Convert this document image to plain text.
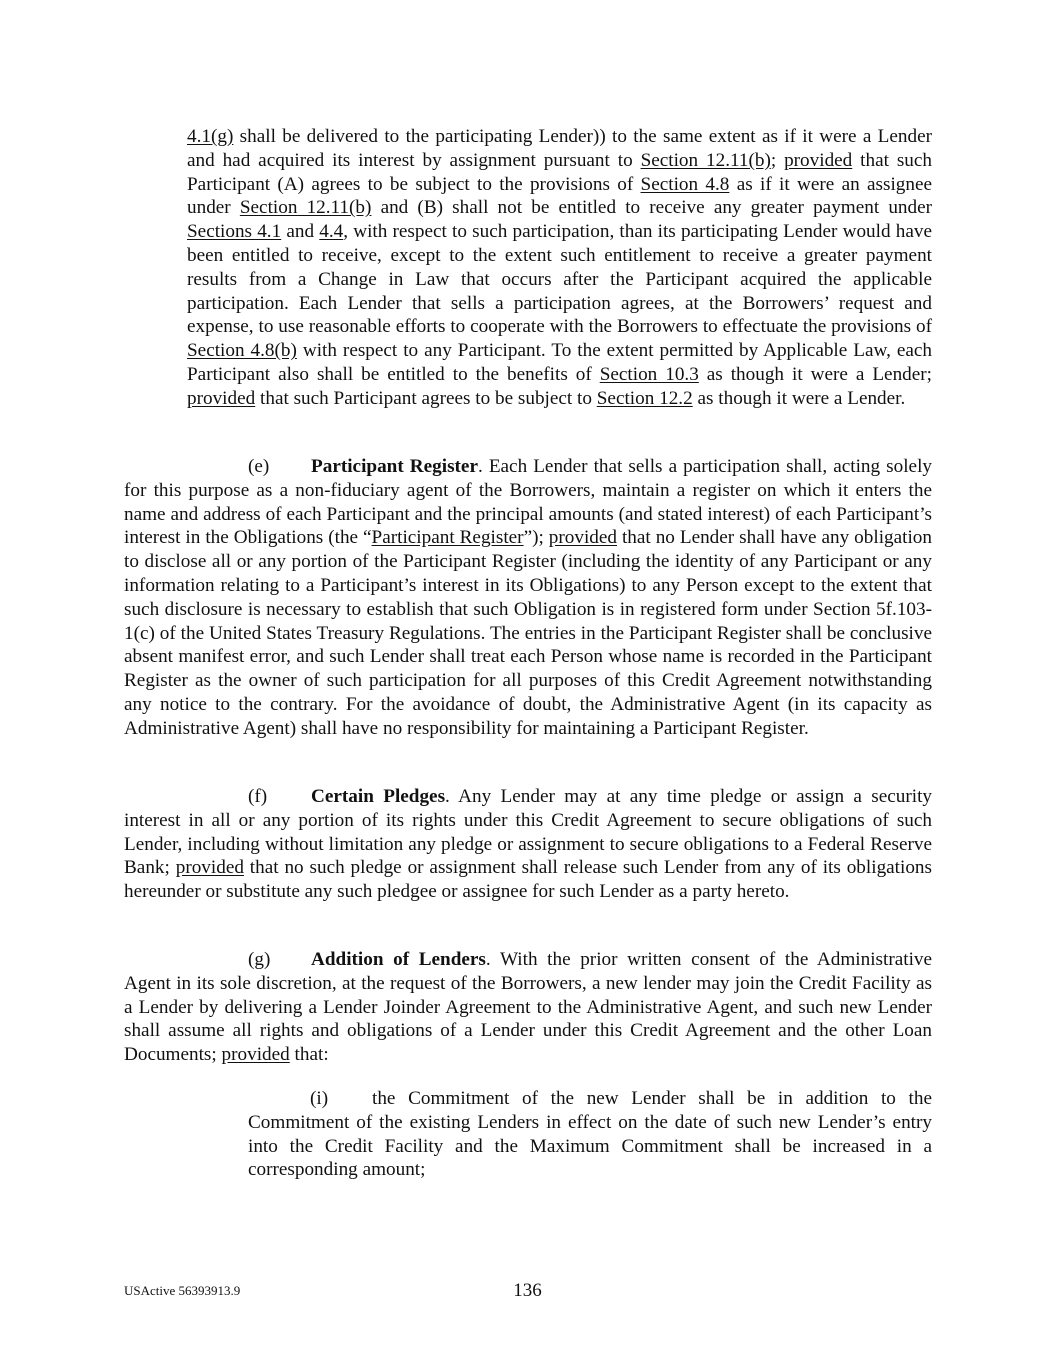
4.1(g) shall be delivered to the participating Lender)) to the same extent as if it were a Lender and had acquired its interest by assignment pursuant to Section 12.11(b); provided that such Participant (A) agrees to be subject to the provisions of Section 4.8 as if it were an assignee under Section 12.11(b) and (B) shall not be entitled to receive any greater payment under Sections 4.1 and 4.4, with respect to such participation, than its participating Lender would have been entitled to receive, except to the extent such entitlement to receive a greater payment results from a Change in Law that occurs after the Participant acquired the applicable participation. Each Lender that sells a participation agrees, at the Borrowers’ request and expense, to use reasonable efforts to cooperate with the Borrowers to effectuate the provisions of Section 4.8(b) with respect to any Participant. To the extent permitted by Applicable Law, each Participant also shall be entitled to the benefits of Section 10.3 as though it were a Lender; provided that such Participant agrees to be subject to Section 12.2 as though it were a Lender.

(e) Participant Register. Each Lender that sells a participation shall, acting solely for this purpose as a non-fiduciary agent of the Borrowers, maintain a register on which it enters the name and address of each Participant and the principal amounts (and stated interest) of each Participant’s interest in the Obligations (the “Participant Register”); provided that no Lender shall have any obligation to disclose all or any portion of the Participant Register (including the identity of any Participant or any information relating to a Participant’s interest in its Obligations) to any Person except to the extent that such disclosure is necessary to establish that such Obligation is in registered form under Section 5f.103-1(c) of the United States Treasury Regulations. The entries in the Participant Register shall be conclusive absent manifest error, and such Lender shall treat each Person whose name is recorded in the Participant Register as the owner of such participation for all purposes of this Credit Agreement notwithstanding any notice to the contrary. For the avoidance of doubt, the Administrative Agent (in its capacity as Administrative Agent) shall have no responsibility for maintaining a Participant Register.

(f) Certain Pledges. Any Lender may at any time pledge or assign a security interest in all or any portion of its rights under this Credit Agreement to secure obligations of such Lender, including without limitation any pledge or assignment to secure obligations to a Federal Reserve Bank; provided that no such pledge or assignment shall release such Lender from any of its obligations hereunder or substitute any such pledgee or assignee for such Lender as a party hereto.

(g) Addition of Lenders. With the prior written consent of the Administrative Agent in its sole discretion, at the request of the Borrowers, a new lender may join the Credit Facility as a Lender by delivering a Lender Joinder Agreement to the Administrative Agent, and such new Lender shall assume all rights and obligations of a Lender under this Credit Agreement and the other Loan Documents; provided that:

(i) the Commitment of the new Lender shall be in addition to the Commitment of the existing Lenders in effect on the date of such new Lender’s entry into the Credit Facility and the Maximum Commitment shall be increased in a corresponding amount;

USActive 56393913.9	136
